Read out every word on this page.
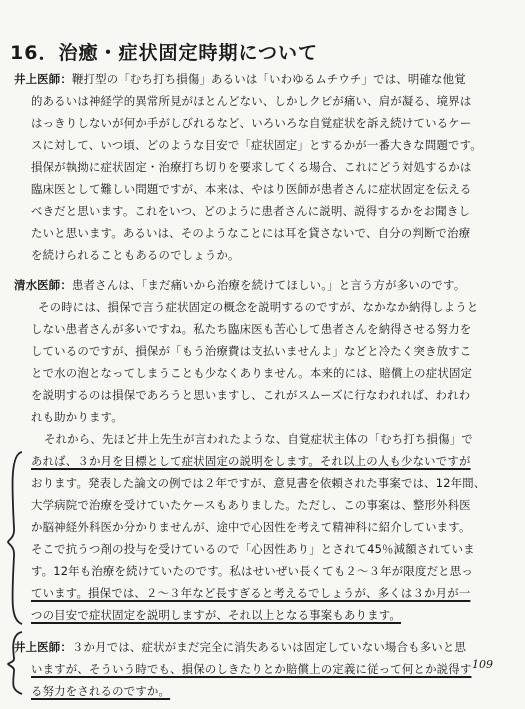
16．治癒・症状固定時期について
井上医師：鞭打型の「むち打ち損傷」あるいは「いわゆるムチウチ」では、明確な他覚
的あるいは神経学的異常所見がほとんどない、しかしクビが痛い、肩が凝る、境界は
はっきりしないが何か手がしびれるなど、いろいろな自覚症状を訴え続けているケー
スに対して、いつ頃、どのような目安で「症状固定」とするかが一番大きな問題です。
損保が執拗に症状固定・治療打ち切りを要求してくる場合、これにどう対処するかは
臨床医として難しい問題ですが、本来は、やはり医師が患者さんに症状固定を伝える
べきだと思います。これをいつ、どのように患者さんに説明、説得するかをお聞きし
たいと思います。あるいは、そのようなことには耳を貸さないで、自分の判断で治療
を続けられることもあるのでしょうか。
清水医師：患者さんは、「まだ痛いから治療を続けてほしい。」と言う方が多いのです。
その時には、損保で言う症状固定の概念を説明するのですが、なかなか納得しようと
しない患者さんが多いですね。私たち臨床医も苦心して患者さんを納得させる努力を
しているのですが、損保が「もう治療費は支払いませんよ」などと冷たく突き放すこ
とで水の泡となってしまうことも少なくありません。本来的には、賠償上の症状固定
を説明するのは損保であろうと思いますし、これがスムーズに行なわれれば、われわ
れも助かります。
それから、先ほど井上先生が言われたような、自覚症状主体の「むち打ち損傷」で
あれば、３か月を目標として症状固定の説明をします。それ以上の人も少ないですが
おります。発表した論文の例では２年ですが、意見書を依頼された事案では、12年間、
大学病院で治療を受けていたケースもありました。ただし、この事案は、整形外科医
か脳神経外科医か分かりませんが、途中で心因性を考えて精神科に紹介しています。
そこで抗うつ剤の投与を受けているので「心因性あり」とされて45％減額されていま
す。12年も治療を続けていたのです。私はせいぜい長くても２～３年が限度だと思っ
ています。損保では、２～３年など長すぎると考えるでしょうが、多くは３か月が一
つの目安で症状固定を説明しますが、それ以上となる事案もあります。
井上医師：３か月では、症状がまだ完全に消失あるいは固定していない場合も多いと思
いますが、そういう時でも、損保のしきたりとか賠償上の定義に従って何とか説得す
る努力をされるのですか。
109
